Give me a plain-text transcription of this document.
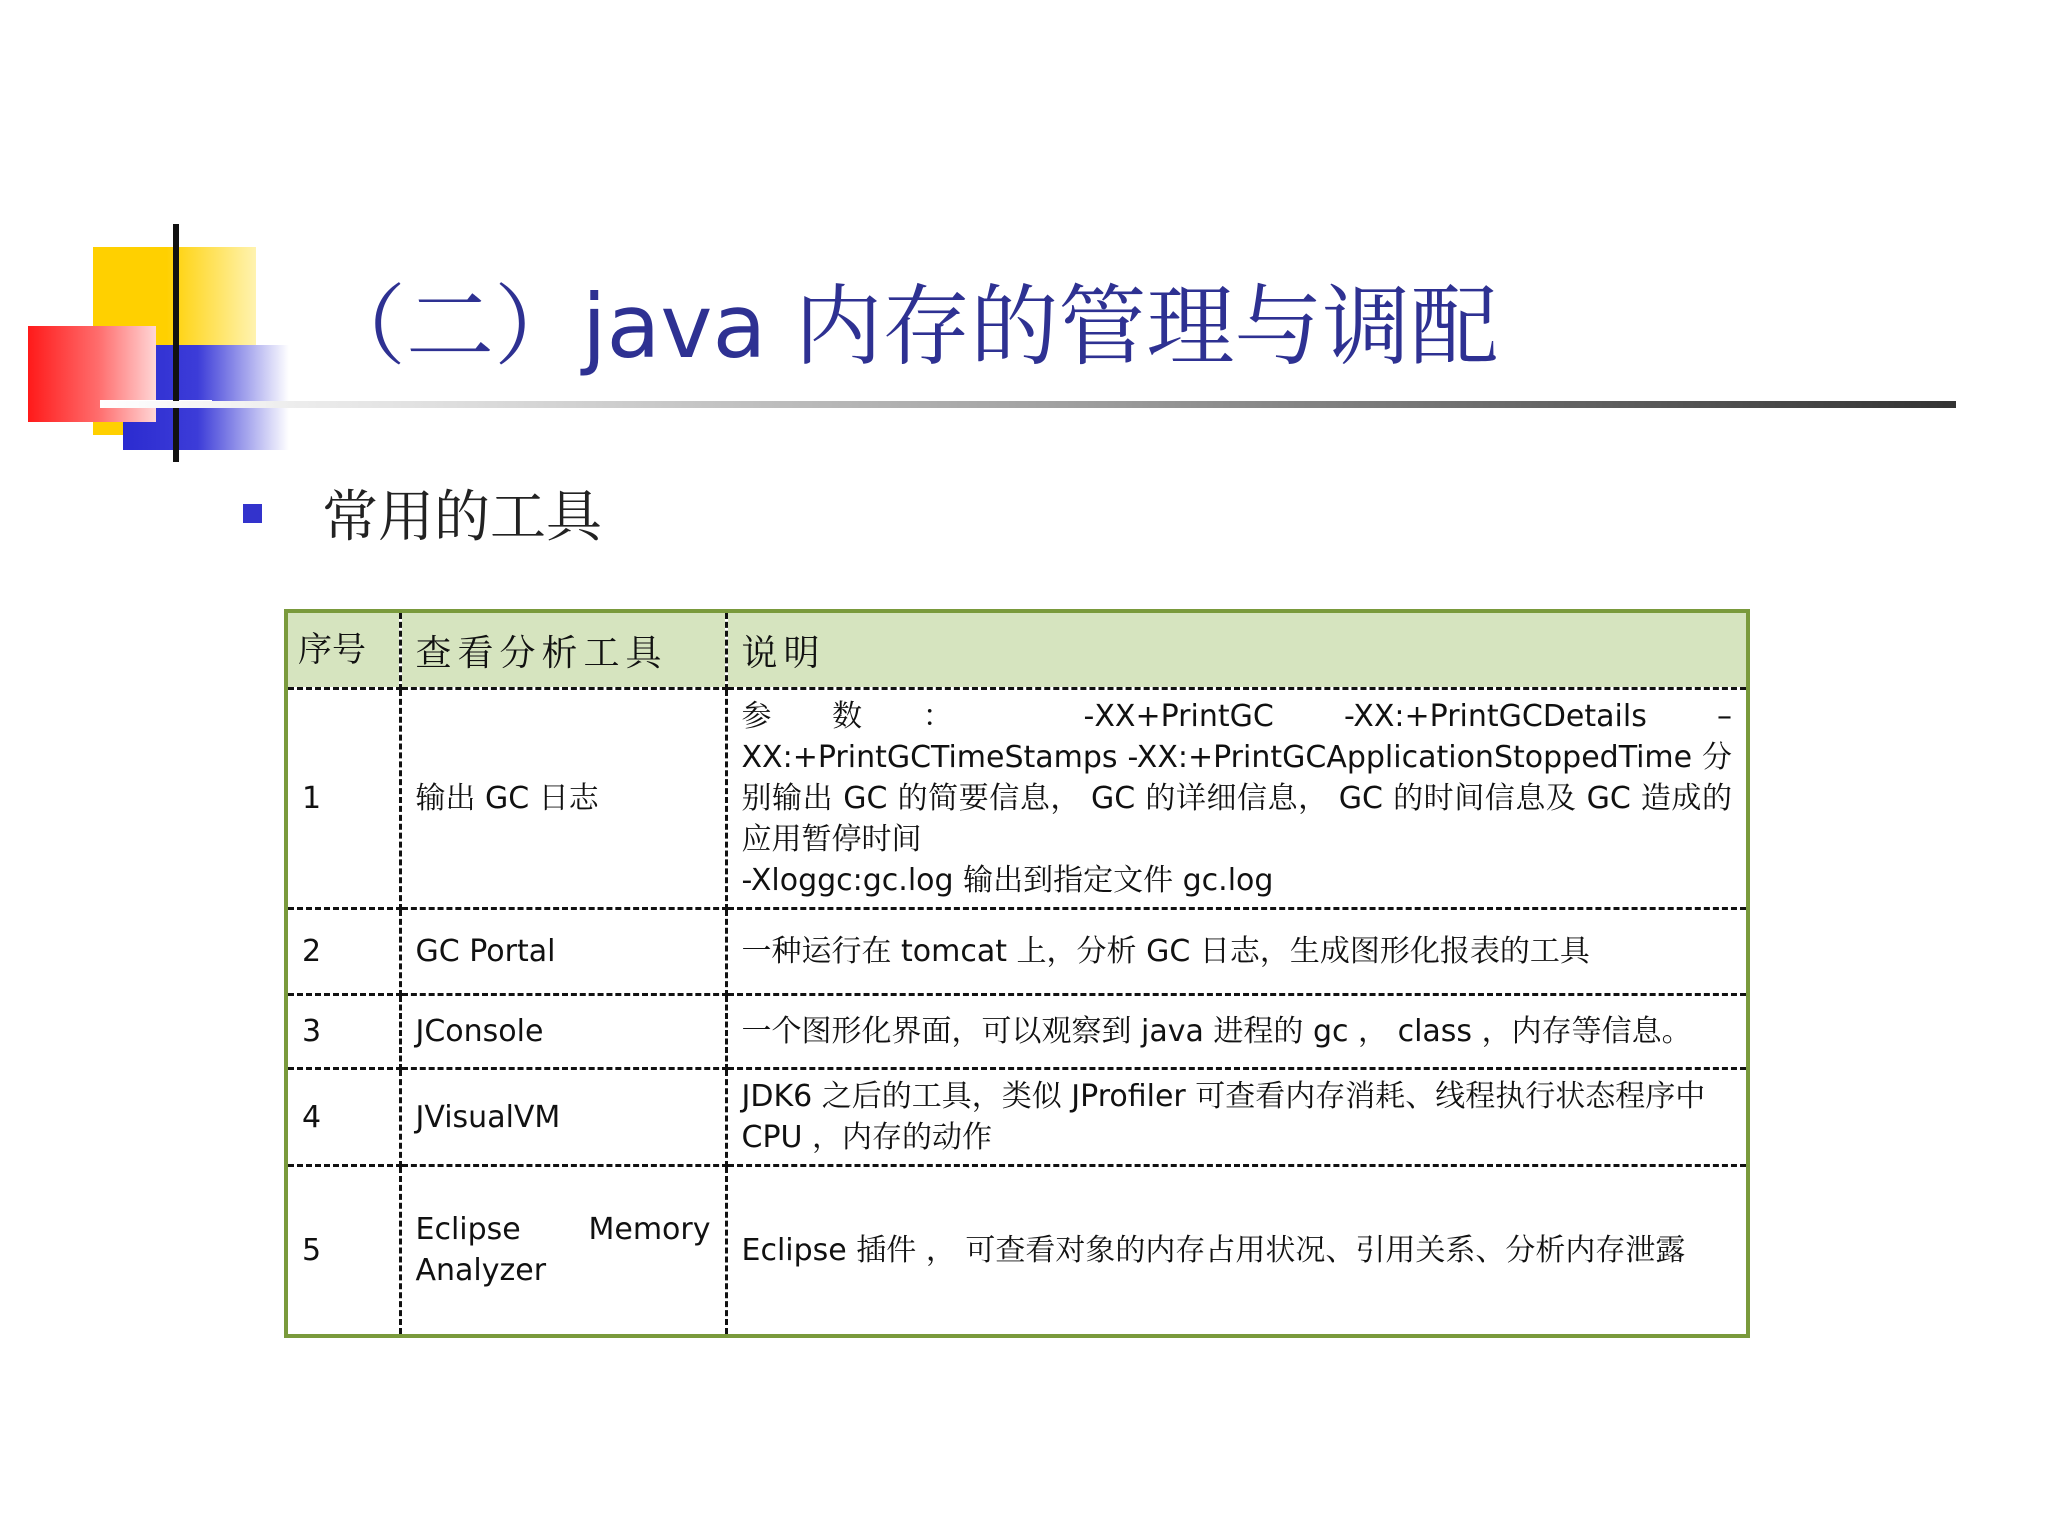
（二）java 内存的管理与调配
常用的工具
序号	查看分析工具	说明
1	输出 GC 日志	参数： -XX+PrintGC -XX:+PrintGCDetails –XX:+PrintGCTimeStamps -XX:+PrintGCApplicationStoppedTime 分别输出 GC 的简要信息， GC 的详细信息， GC 的时间信息及 GC 造成的应用暂停时间
-Xloggc:gc.log 输出到指定文件 gc.log

2	GC Portal	一种运行在 tomcat 上，分析 GC 日志，生成图形化报表的工具
3	JConsole	一个图形化界面，可以观察到 java 进程的 gc ， class ，内存等信息。
4	JVisualVM	JDK6 之后的工具，类似 JProfiler 可查看内存消耗、线程执行状态程序中 CPU ，内存的动作
5	Eclipse Memory Analyzer	Eclipse 插件 ， 可查看对象的内存占用状况、引用关系、分析内存泄露
